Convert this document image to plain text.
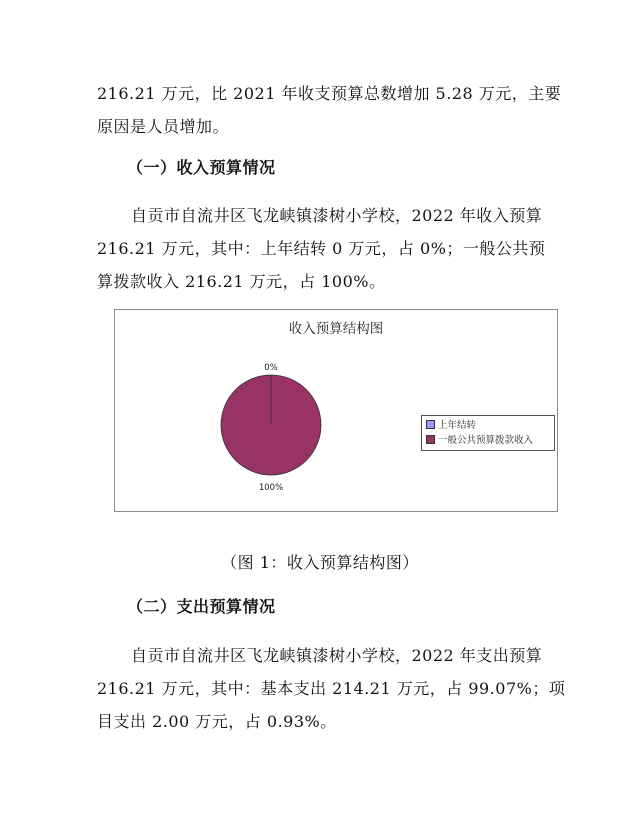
216.21 万元，比 2021 年收支预算总数增加 5.28 万元，主要
原因是人员增加。
（一）收入预算情况
自贡市自流井区飞龙峡镇漆树小学校，2022 年收入预算
216.21 万元，其中：上年结转 0 万元，占 0%；一般公共预
算拨款收入 216.21 万元，占 100%。
收入预算结构图
0%
100%
上年结转
一般公共预算拨款收入
（图 1：收入预算结构图）
（二）支出预算情况
自贡市自流井区飞龙峡镇漆树小学校，2022 年支出预算
216.21 万元，其中：基本支出 214.21 万元，占 99.07%；项
目支出 2.00 万元，占 0.93%。
